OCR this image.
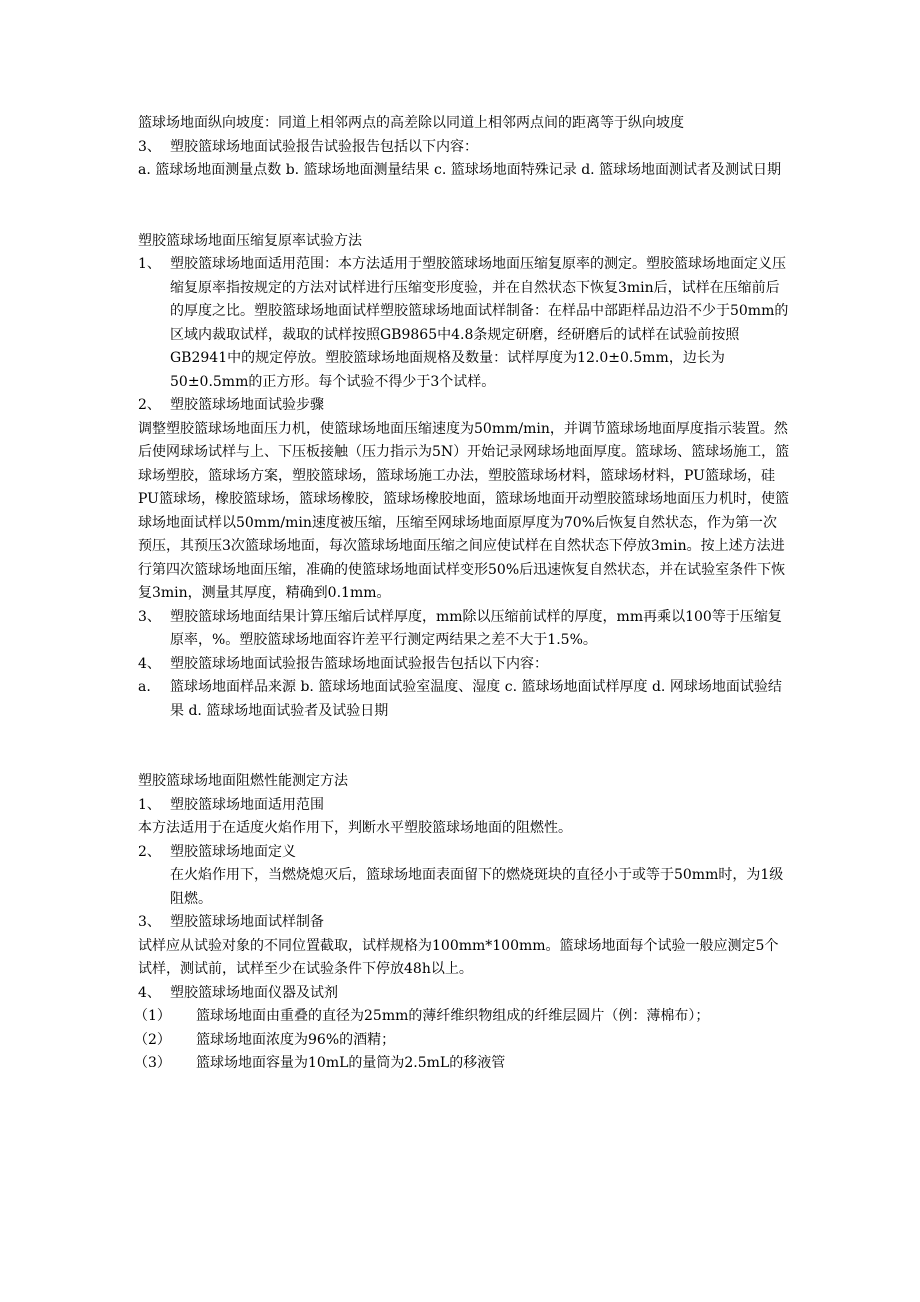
篮球场地面纵向坡度：同道上相邻两点的高差除以同道上相邻两点间的距离等于纵向坡度

3、 塑胶篮球场地面试验报告试验报告包括以下内容：

a. 篮球场地面测量点数 b. 篮球场地面测量结果 c. 篮球场地面特殊记录 d. 篮球场地面测试者及测试日期

塑胶篮球场地面压缩复原率试验方法

1、 塑胶篮球场地面适用范围：本方法适用于塑胶篮球场地面压缩复原率的测定。塑胶篮球场地面定义压缩复原率指按规定的方法对试样进行压缩变形度验，并在自然状态下恢复3min后，试样在压缩前后的厚度之比。塑胶篮球场地面试样塑胶篮球场地面试样制备：在样品中部距样品边沿不少于50mm的区域内裁取试样，裁取的试样按照GB9865中4.8条规定研磨，经研磨后的试样在试验前按照GB2941中的规定停放。塑胶篮球场地面规格及数量：试样厚度为12.0±0.5mm，边长为50±0.5mm的正方形。每个试验不得少于3个试样。
2、 塑胶篮球场地面试验步骤

调整塑胶篮球场地面压力机，使篮球场地面压缩速度为50mm/min，并调节篮球场地面厚度指示装置。然后使网球场试样与上、下压板接触（压力指示为5N）开始记录网球场地面厚度。篮球场、篮球场施工，篮球场塑胶，篮球场方案，塑胶篮球场，篮球场施工办法，塑胶篮球场材料，篮球场材料，PU篮球场，硅PU篮球场，橡胶篮球场，篮球场橡胶，篮球场橡胶地面，篮球场地面开动塑胶篮球场地面压力机时，使篮球场地面试样以50mm/min速度被压缩，压缩至网球场地面原厚度为70%后恢复自然状态，作为第一次预压，其预压3次篮球场地面，每次篮球场地面压缩之间应使试样在自然状态下停放3min。按上述方法进行第四次篮球场地面压缩，准确的使篮球场地面试样变形50%后迅速恢复自然状态，并在试验室条件下恢复3min，测量其厚度，精确到0.1mm。

3、 塑胶篮球场地面结果计算压缩后试样厚度，mm除以压缩前试样的厚度，mm再乘以100等于压缩复原率，%。塑胶篮球场地面容许差平行测定两结果之差不大于1.5%。
4、 塑胶篮球场地面试验报告篮球场地面试验报告包括以下内容：
a.	篮球场地面样品来源 b. 篮球场地面试验室温度、湿度 c. 篮球场地面试样厚度 d. 网球场地面试验结果 d. 篮球场地面试验者及试验日期

塑胶篮球场地面阻燃性能测定方法

1、 塑胶篮球场地面适用范围

本方法适用于在适度火焰作用下，判断水平塑胶篮球场地面的阻燃性。

2、 塑胶篮球场地面定义

在火焰作用下，当燃烧熄灭后，篮球场地面表面留下的燃烧斑块的直径小于或等于50mm时，为1级阻燃。

3、 塑胶篮球场地面试样制备

试样应从试验对象的不同位置截取，试样规格为100mm*100mm。篮球场地面每个试验一般应测定5个试样，测试前，试样至少在试验条件下停放48h以上。

4、 塑胶篮球场地面仪器及试剂
（1）	篮球场地面由重叠的直径为25mm的薄纤维织物组成的纤维层圆片（例：薄棉布）；
（2）	篮球场地面浓度为96%的酒精；
（3）	篮球场地面容量为10mL的量筒为2.5mL的移液管
